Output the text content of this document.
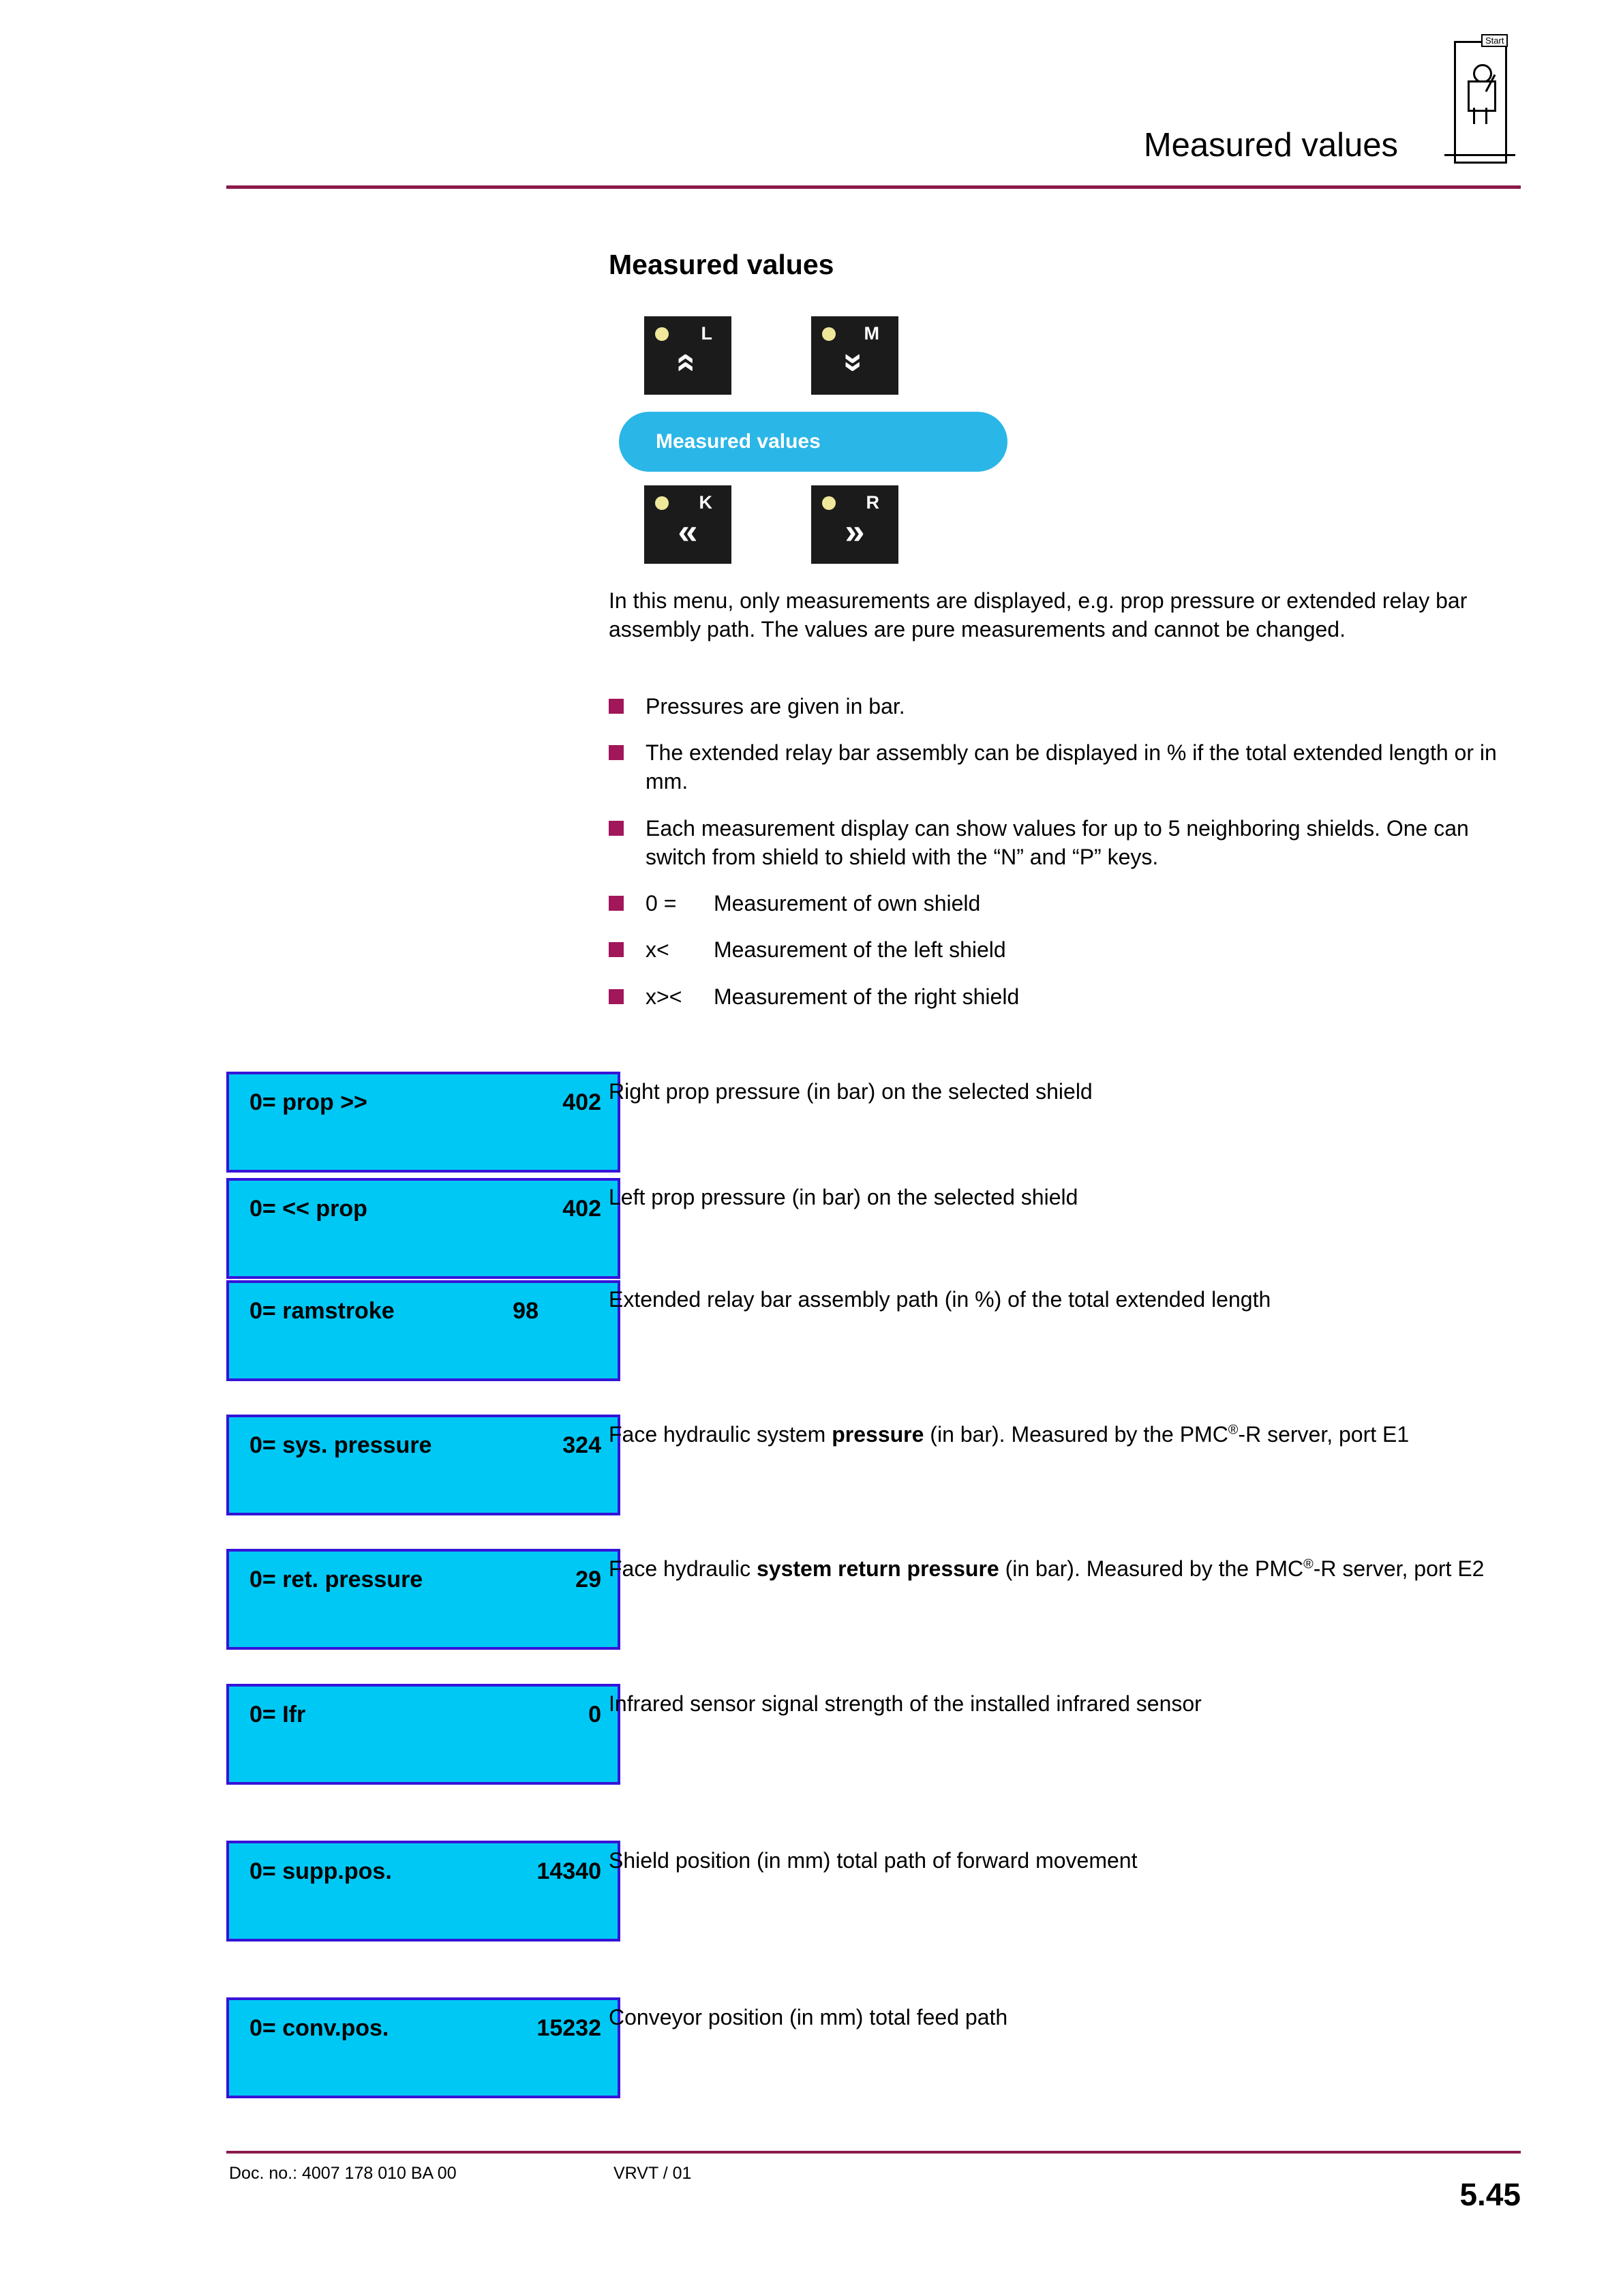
Measured values
Start
Measured values
L
«
M
»
K
«
R
»
Measured values
In this menu, only measurements are displayed, e.g. prop pressure or extended relay bar assembly path. The values are pure measurements and cannot be changed.
Pressures are given in bar.
The extended relay bar assembly can be displayed in % if the total extended length or in mm.
Each measurement display can show values for up to 5 neighboring shields. One can switch from shield to shield with the “N” and “P” keys.
0 =	Measurement of own shield
x<	Measurement of the left shield
x><	Measurement of the right shield
0= prop >>	402 Right prop pressure (in bar) on the selected shield
0= << prop	402 Left prop pressure (in bar) on the selected shield
0= ramstroke	98	Extended relay bar assembly path (in %) of the total extended length
0= sys. pressure	324 Face hydraulic system pressure (in bar). Measured by the PMC®-R server, port E1
0= ret. pressure	29 Face hydraulic system return pressure (in bar). Measured by the PMC®-R server, port E2
0= Ifr	0 Infrared sensor signal strength of the installed infrared sensor
0= supp.pos.	14340 Shield position (in mm) total path of forward movement
0= conv.pos.	15232 Conveyor position (in mm) total feed path
Doc. no.: 4007 178 010 BA 00	VRVT / 01
5.45
